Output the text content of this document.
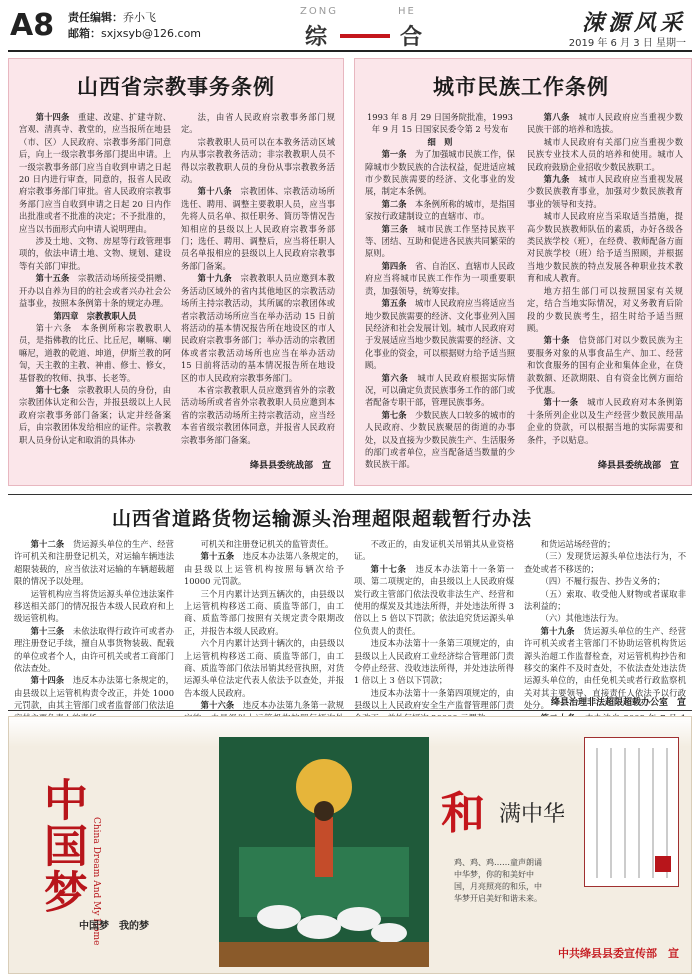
A8 责任编辑：乔小飞
邮箱：sxjxsyb@126.com
ZONG	HE
综	合
涑源风采
2019 年 6 月 3 日 星期一
山西省宗教事务条例

第十四条　重建、改建、扩建寺院、宫观、清真寺、教堂的，应当报所在地县（市、区）人民政府、宗教事务部门同意后，向上一级宗教事务部门提出申请。上一级宗教事务部门应当自收到申请之日起 20 日内进行审查，同意的，报省人民政府宗教事务部门审批。省人民政府宗教事务部门应当自收到申请之日起 20 日内作出批准或者不批准的决定；不予批准的，应当以书面形式向申请人说明理由。

涉及土地、文物、房屋等行政管理事项的，依法申请土地、文物、规划、建设等有关部门审批。

第十五条　宗教活动场所接受捐赠、开办以自养为目的的社会或者兴办社会公益事业，按照本条例第十条的规定办理。

第四章　宗教教职人员

第十六条　本条例所称宗教教职人员，是指佛教的比丘、比丘尼，喇嘛、喇嘛尼，道教的乾道、坤道，伊斯兰教的阿訇，天主教的主教、神甫、修士、修女，基督教的牧师、执事、长老等。

第十七条　宗教教职人员的身份，由宗教团体认定和公告，并报县级以上人民政府宗教事务部门备案；认定并经备案后，由宗教团体发给相应的证件。宗教教职人员身份认定和取消的具体办

法，由省人民政府宗教事务部门规定。

宗教教职人员可以在本教务活动区域内从事宗教教务活动；非宗教教职人员不得以宗教教职人员的身份从事宗教教务活动。

第十八条　宗教团体、宗教活动场所选任、聘用、调整主要教职人员，应当事先将人员名单、拟任职务、简历等情况告知相应的县级以上人民政府宗教事务部门；选任、聘用、调整后，应当将任职人员名单报相应的县级以上人民政府宗教事务部门备案。

第十九条　宗教教职人员应邀到本教务活动区域外的省内其他地区的宗教活动场所主持宗教活动，其所属的宗教团体或者宗教活动场所应当在举办活动 15 日前将活动的基本情况报告所在地设区的市人民政府宗教事务部门；举办活动的宗教团体或者宗教活动场所也应当在举办活动 15 日前将活动的基本情况报告所在地设区的市人民政府宗教事务部门。

本省宗教教职人员应邀到省外的宗教活动场所或者省外宗教教职人员应邀到本省的宗教活动场所主持宗教活动，应当经本省省级宗教团体同意，并报省人民政府宗教事务部门备案。

绛县县委统战部　宣
城市民族工作条例

1993 年 8 月 29 日国务院批准，1993 年 9 月 15 日国家民委令第 2 号发布

细　则

第一条　为了加强城市民族工作，保障城市少数民族的合法权益，促进适应城市少数民族需要的经济、文化事业的发展，制定本条例。

第二条　本条例所称的城市，是指国家按行政建制设立的直辖市、市。

第三条　城市民族工作坚持民族平等、团结、互助和促进各民族共同繁荣的原则。

第四条　省、自治区、直辖市人民政府应当将城市民族工作作为一项重要职责，加强领导，统筹安排。

第五条　城市人民政府应当将适应当地少数民族需要的经济、文化事业列入国民经济和社会发展计划。城市人民政府对于发展适应当地少数民族需要的经济、文化事业的资金，可以根据财力给予适当照顾。

第六条　城市人民政府根据实际情况，可以确定负责民族事务工作的部门或者配备专职干部，管理民族事务。

第七条　少数民族人口较多的城市的人民政府、少数民族聚居的街道的办事处，以及直接为少数民族生产、生活服务的部门或者单位，应当配备适当数量的少数民族干部。

第八条　城市人民政府应当重视少数民族干部的培养和选拔。

城市人民政府有关部门应当重视少数民族专业技术人员的培养和使用。城市人民政府鼓励企业招收少数民族职工。

第九条　城市人民政府应当重视发展少数民族教育事业，加强对少数民族教育事业的领导和支持。

城市人民政府应当采取适当措施，提高少数民族教师队伍的素质，办好各级各类民族学校（班），在经费、教师配备方面对民族学校（班）给予适当照顾，并根据当地少数民族的特点发展各种职业技术教育和成人教育。

地方招生部门可以按照国家有关规定，结合当地实际情况，对义务教育后阶段的少数民族考生，招生时给予适当照顾。

第十条　信贷部门对以少数民族为主要服务对象的从事食品生产、加工、经营和饮食服务的国有企业和集体企业，在贷款数额、还款期限、自有资金比例方面给予优惠。

第十一条　城市人民政府对本条例第十条所列企业以及生产经营少数民族用品企业的贷款，可以根据当地的实际需要和条件，予以贴息。

绛县县委统战部　宣
山西省道路货物运输源头治理超限超载暂行办法

第十二条　货运源头单位的生产、经营许可机关和注册登记机关，对运输车辆违法超限装载的，应当依法对运输的车辆超载超限的情况予以处理。

运管机构应当将货运源头单位违法案件移送相关部门的情况报告本级人民政府和上级运管机构。

第十三条　未依法取得行政许可或者办理注册登记手续，擅自从事货物装载、配载的单位或者个人，由许可机关或者工商部门依法查处。

第十四条　违反本办法第七条规定的，由县级以上运管机构责令改正，并处 1000 元罚款，由其主管部门或者监督部门依法追

可机关和注册登记机关的监管责任。

第十五条　违反本办法第八条规定的，由县级以上运管机构按照每辆次给予 10000 元罚款。

三个月内累计达到五辆次的，由县级以上运管机构移送工商、质监等部门，由工商、质监等部门按照有关规定责令限期改正，并报告本级人民政府。

六个月内累计达到十辆次的，由县级以上运管机构移送工商、质监等部门，由工商、质监等部门依法吊销其经营执照，对货运源头单位法定代表人依法予以查处，并报告本级人民政府。

第十六条　违反本办法第九条第一款规

不改正的，由发证机关吊销其从业资格证。

第十七条　违反本办法第十一条第一项、第二项规定的，由县级以上人民政府煤炭行政主管部门依法没收非法生产、经营和使用的煤炭及其违法所得，并处违法所得 3 倍以上 5 倍以下罚款；依法追究货运源头单位负责人的责任。

违反本办法第十一条第三项规定的，由县级以上人民政府工业经济综合管理部门责令停止经营、没收违法所得，并处违法所得 1 倍以上 3 倍以下罚款；

违反本办法第十一条第四项规定的，由县级以上人民政府安全生产监督管理部门责

和货运站场经营的；

（三）发现货运源头单位违法行为，不查处或者不移送的；

（四）不履行报告、抄告义务的；

（五）索取、收受他人财物或者谋取非法利益的；

（六）其他违法行为。

第十九条　货运源头单位的生产、经营许可机关或者主管部门不协助运管机构货运源头治超工作监督检查，对运管机构抄告和移交的案件不及时查处，不依法查处违法货运源头单位的，由任免机关或者行政监察机关对其主要领导、直接责任人依法予以行政处分。 绛县治理非法超限超载办公室　宣
中国梦 China Dream And My Home
中国梦　我的梦
和 满中华
鸡、鸡、鸡……童声朗诵中华梦，你的和美好中国，月亮照亮的和乐，中华梦开启美好和谐未来。
中共绛县县委宣传部　宣
